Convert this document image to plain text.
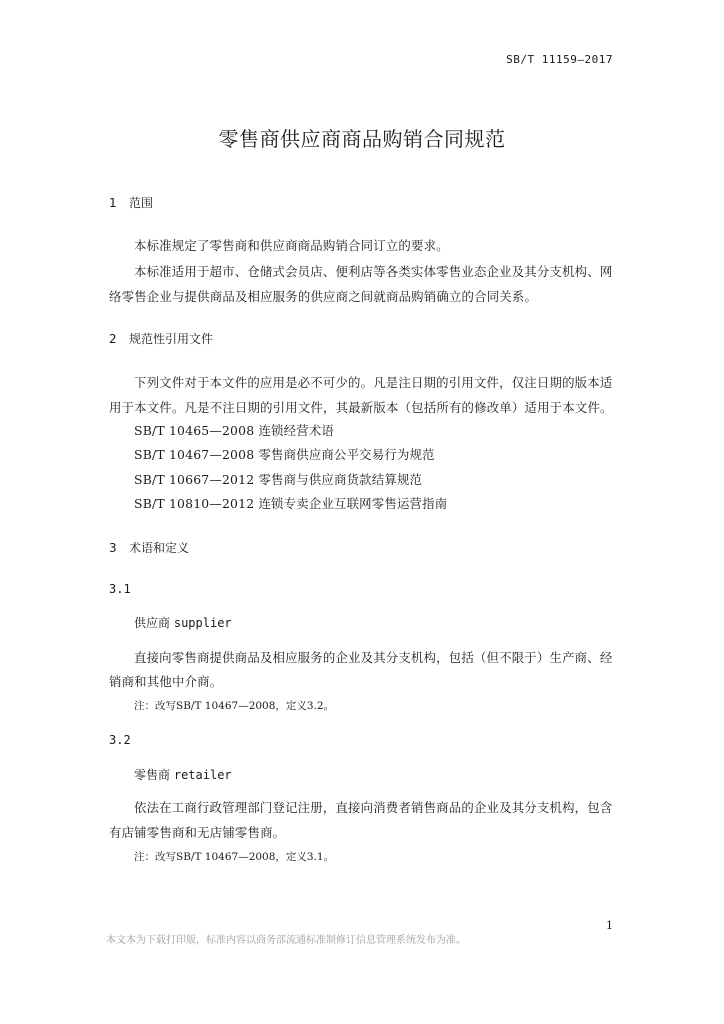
SB/T 11159—2017
零售商供应商商品购销合同规范
1 范围
本标准规定了零售商和供应商商品购销合同订立的要求。
本标准适用于超市、仓储式会员店、便利店等各类实体零售业态企业及其分支机构、网
络零售企业与提供商品及相应服务的供应商之间就商品购销确立的合同关系。
2 规范性引用文件
下列文件对于本文件的应用是必不可少的。凡是注日期的引用文件，仅注日期的版本适
用于本文件。凡是不注日期的引用文件，其最新版本（包括所有的修改单）适用于本文件。
SB/T 10465—2008 连锁经营术语
SB/T 10467—2008 零售商供应商公平交易行为规范
SB/T 10667—2012 零售商与供应商货款结算规范
SB/T 10810—2012 连锁专卖企业互联网零售运营指南
3 术语和定义
3.1
供应商 supplier
直接向零售商提供商品及相应服务的企业及其分支机构，包括（但不限于）生产商、经
销商和其他中介商。
注：改写SB/T 10467—2008，定义3.2。
3.2
零售商 retailer
依法在工商行政管理部门登记注册，直接向消费者销售商品的企业及其分支机构，包含
有店铺零售商和无店铺零售商。
注：改写SB/T 10467—2008，定义3.1。
1
本文本为下载打印版，标准内容以商务部流通标准制修订信息管理系统发布为准。
